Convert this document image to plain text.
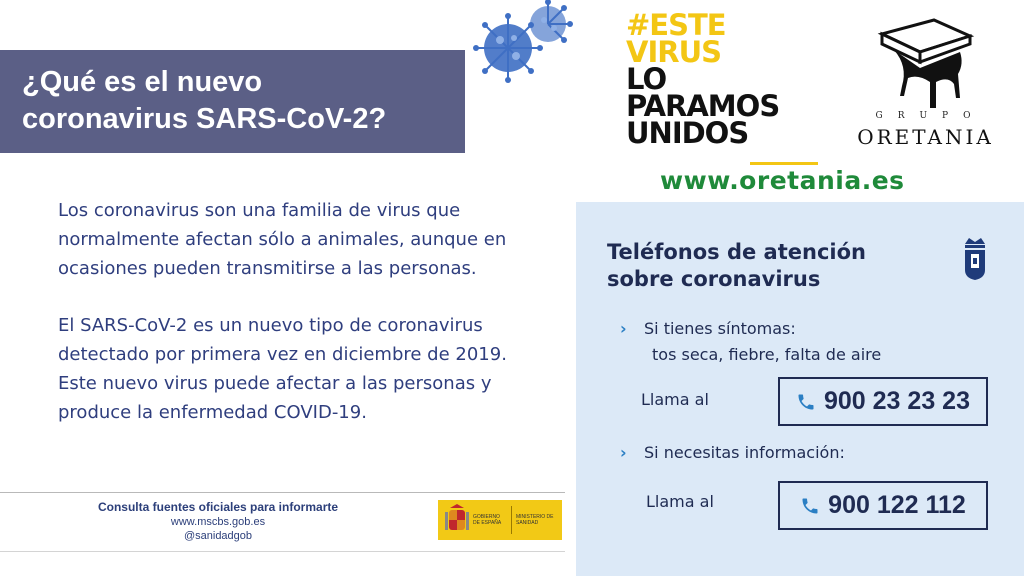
¿Qué es el nuevo
coronavirus SARS-CoV-2?

Los coronavirus son una familia de virus que normalmente afectan sólo a animales, aunque en ocasiones pueden transmitirse a las personas.

El SARS-CoV-2 es un nuevo tipo de coronavirus detectado por primera vez en diciembre de 2019. Este nuevo virus puede afectar a las personas y produce la enfermedad COVID-19.

Consulta fuentes oficiales para informarte
www.mscbs.gob.es
@sanidadgob
GOBIERNO DE ESPAÑA
MINISTERIO DE SANIDAD
#ESTE
VIRUS
LO
PARAMOS
UNIDOS	GRUPO
ORETANIA
www.oretania.es
Teléfonos de atención
sobre coronavirus
› Si tienes síntomas:
tos seca, fiebre, falta de aire
Llama al	900 23 23 23
› Si necesitas información:
Llama al	900 122 112
